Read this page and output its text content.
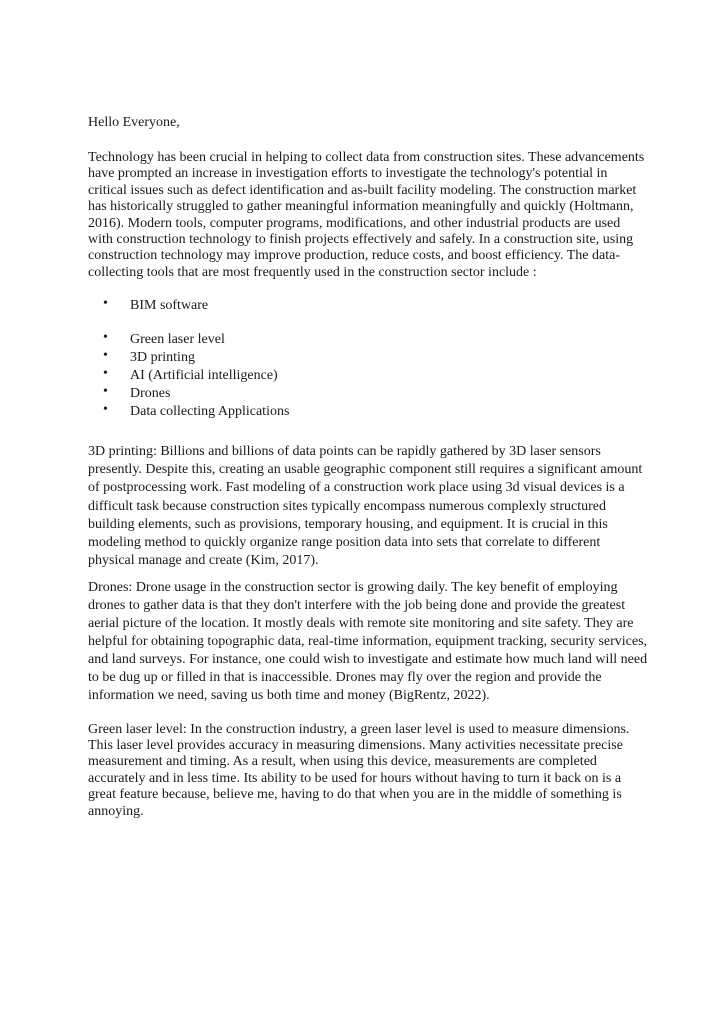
Hello Everyone,

Technology has been crucial in helping to collect data from construction sites. These advancements have prompted an increase in investigation efforts to investigate the technology's potential in critical issues such as defect identification and as-built facility modeling. The construction market has historically struggled to gather meaningful information meaningfully and quickly (Holtmann, 2016). Modern tools, computer programs, modifications, and other industrial products are used with construction technology to finish projects effectively and safely. In a construction site, using construction technology may improve production, reduce costs, and boost efficiency. The data-collecting tools that are most frequently used in the construction sector include :

• BIM software
• Green laser level
• 3D printing
• AI (Artificial intelligence)
• Drones
• Data collecting Applications

3D printing: Billions and billions of data points can be rapidly gathered by 3D laser sensors presently. Despite this, creating an usable geographic component still requires a significant amount of postprocessing work. Fast modeling of a construction work place using 3d visual devices is a difficult task because construction sites typically encompass numerous complexly structured building elements, such as provisions, temporary housing, and equipment. It is crucial in this modeling method to quickly organize range position data into sets that correlate to different physical manage and create (Kim, 2017).

Drones: Drone usage in the construction sector is growing daily. The key benefit of employing drones to gather data is that they don't interfere with the job being done and provide the greatest aerial picture of the location. It mostly deals with remote site monitoring and site safety. They are helpful for obtaining topographic data, real-time information, equipment tracking, security services, and land surveys. For instance, one could wish to investigate and estimate how much land will need to be dug up or filled in that is inaccessible. Drones may fly over the region and provide the information we need, saving us both time and money (BigRentz, 2022).

Green laser level: In the construction industry, a green laser level is used to measure dimensions. This laser level provides accuracy in measuring dimensions. Many activities necessitate precise measurement and timing. As a result, when using this device, measurements are completed accurately and in less time. Its ability to be used for hours without having to turn it back on is a great feature because, believe me, having to do that when you are in the middle of something is annoying.
